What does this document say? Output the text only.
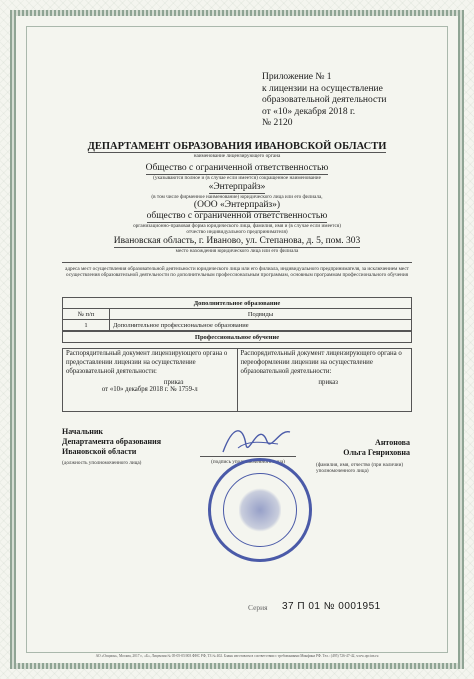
Приложение № 1
к лицензии на осуществление
образовательной деятельности
от «10» декабря 2018 г.
№ 2120
ДЕПАРТАМЕНТ ОБРАЗОВАНИЯ ИВАНОВСКОЙ ОБЛАСТИ
наименование лицензирующего органа
Общество с ограниченной ответственностью
(указываются полное и (в случае если имеется) сокращенное наименование
«Энтерпрайз»
(в том числе фирменное наименование) юридического лица или его филиала,
(ООО «Энтерпрайз»)
общество с ограниченной ответственностью
организационно-правовая форма юридического лица, фамилия, имя и (в случае если имеется)
отчество индивидуального предпринимателя)
Ивановская область, г. Иваново, ул. Степанова, д. 5, пом. 303
место нахождения юридического лица или его филиала
адреса мест осуществления образовательной деятельности юридического лица или его филиала, индивидуального предпринимателя, за исключением мест осуществления образовательной деятельности по дополнительным профессиональным программам, основным программам профессионального обучения
Дополнительное образование	
№ п/п	Подвиды
1	Дополнительное профессиональное образование
Профессиональное обучение	
Распорядительный документ лицензирующего органа о предоставлении лицензии на осуществление образовательной деятельности:
приказ
от «10» декабря 2018 г. № 1759-л

Распорядительный документ лицензирующего органа о переоформлении лицензии на осуществление образовательной деятельности:
приказ
Начальник
Департамента образования
Ивановской области
(должность уполномоченного лица)	(подпись уполномоченного лица)
Антонова
Ольга Генриховна
(фамилия, имя, отчество (при наличии) уполномоченного лица)
Серия 37 П 01 № 0001951
АО «Опцион», Москва, 2017 г., «Б», Лицензия № 05-05-05/003 ФНС РФ, ТЗ № 402. Бланк изготовлен в соответствии с требованиями Минфина РФ. Тел.: (495) 726-47-42, www.opcion.ru
